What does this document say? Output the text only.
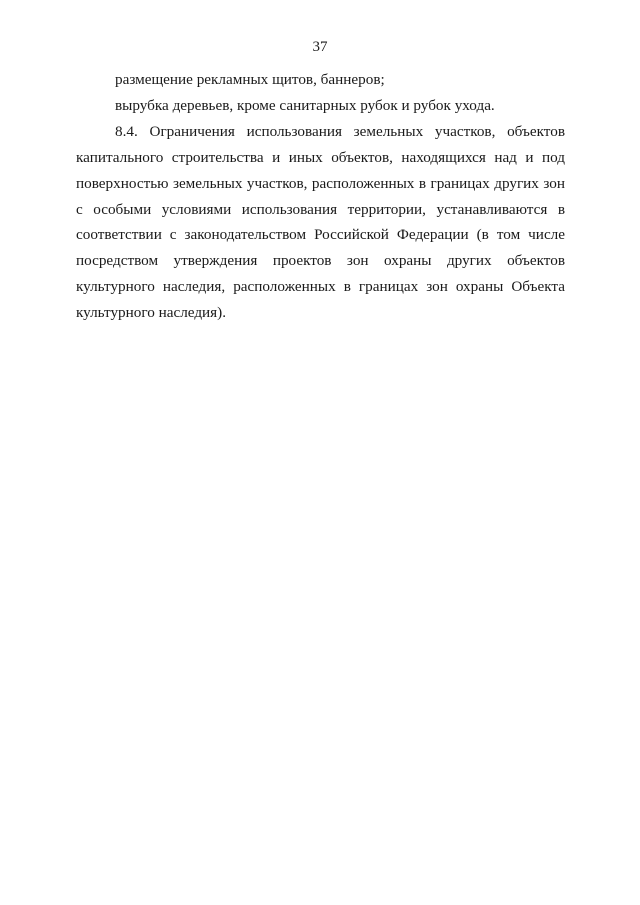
37

размещение рекламных щитов, баннеров;

вырубка деревьев, кроме санитарных рубок и рубок ухода.

8.4. Ограничения использования земельных участков, объектов капитального строительства и иных объектов, находящихся над и под поверхностью земельных участков, расположенных в границах других зон с особыми условиями использования территории, устанавливаются в соответствии с законодательством Российской Федерации (в том числе посредством утверждения проектов зон охраны других объектов культурного наследия, расположенных в границах зон охраны Объекта культурного наследия).
